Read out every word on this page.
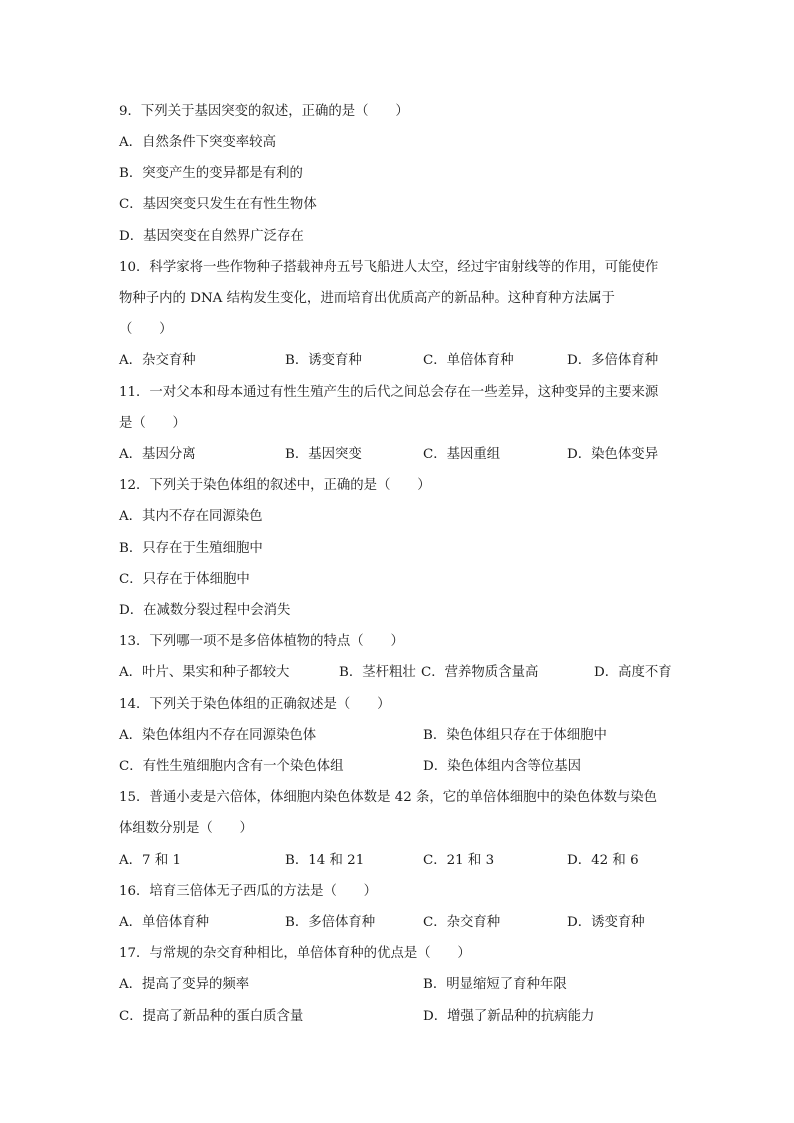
9．下列关于基因突变的叙述，正确的是（　　）
A．自然条件下突变率较高
B．突变产生的变异都是有利的
C．基因突变只发生在有性生物体
D．基因突变在自然界广泛存在
10．科学家将一些作物种子搭载神舟五号飞船进人太空，经过宇宙射线等的作用，可能使作
物种子内的 DNA 结构发生变化，进而培育出优质高产的新品种。这种育种方法属于
（　　）
A．杂交育种	B．诱变育种	C．单倍体育种	D．多倍体育种
11．一对父本和母本通过有性生殖产生的后代之间总会存在一些差异，这种变异的主要来源
是（　　）
A．基因分离	B．基因突变	C．基因重组	D．染色体变异
12．下列关于染色体组的叙述中，正确的是（　　）
A．其内不存在同源染色
B．只存在于生殖细胞中
C．只存在于体细胞中
D．在减数分裂过程中会消失
13．下列哪一项不是多倍体植物的特点（　　）
A．叶片、果实和种子都较大	B．茎杆粗壮 C．营养物质含量高	D．高度不育
14．下列关于染色体组的正确叙述是（　　）
A．染色体组内不存在同源染色体	B．染色体组只存在于体细胞中
C．有性生殖细胞内含有一个染色体组	D．染色体组内含等位基因
15．普通小麦是六倍体，体细胞内染色体数是 42 条，它的单倍体细胞中的染色体数与染色
体组数分别是（　　）
A．7 和 1	B．14 和 21	C．21 和 3	D．42 和 6
16．培育三倍体无子西瓜的方法是（　　）
A．单倍体育种	B．多倍体育种	C．杂交育种	D．诱变育种
17．与常规的杂交育种相比，单倍体育种的优点是（　　）
A．提高了变异的频率	B．明显缩短了育种年限
C．提高了新品种的蛋白质含量	D．增强了新品种的抗病能力
